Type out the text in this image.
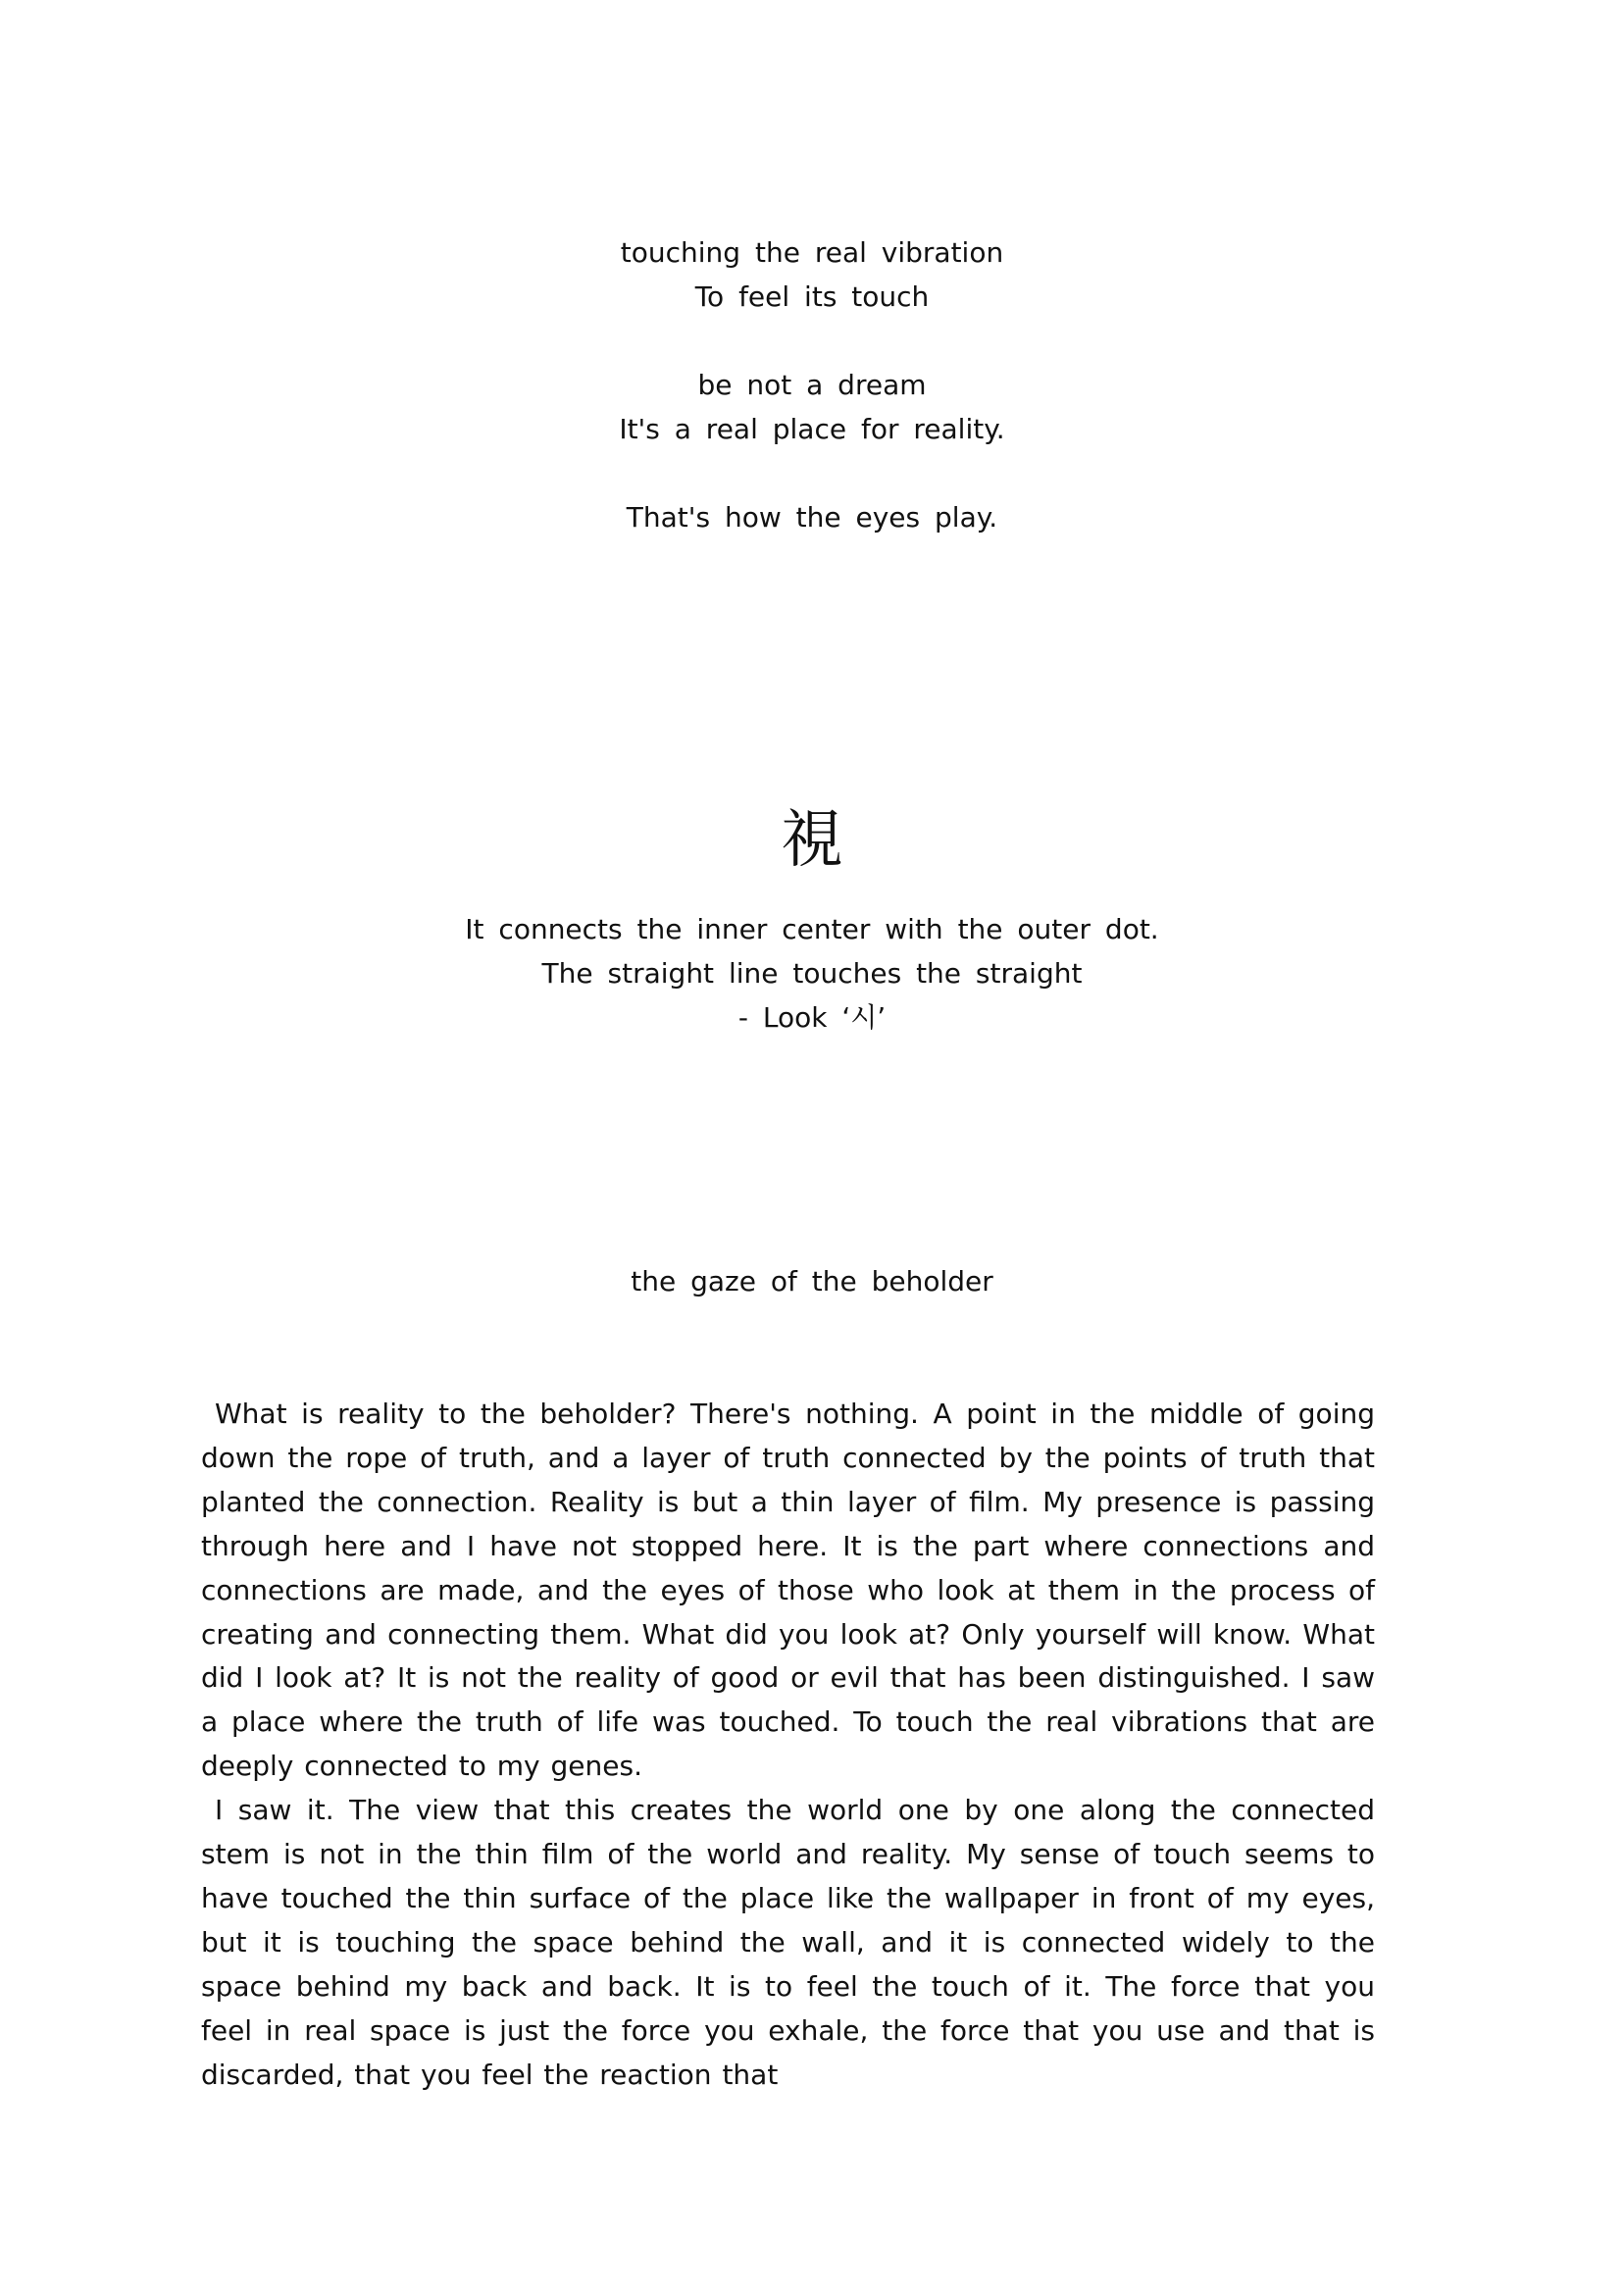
touching the real vibration
To feel its touch
be not a dream
It's a real place for reality.
That's how the eyes play.
視
It connects the inner center with the outer dot.
The straight line touches the straight
- Look ‘시’
the gaze of the beholder

What is reality to the beholder? There's nothing. A point in the middle of going down the rope of truth, and a layer of truth connected by the points of truth that planted the connection. Reality is but a thin layer of film. My presence is passing through here and I have not stopped here. It is the part where connections and connections are made, and the eyes of those who look at them in the process of creating and connecting them. What did you look at? Only yourself will know. What did I look at? It is not the reality of good or evil that has been distinguished. I saw a place where the truth of life was touched. To touch the real vibrations that are deeply connected to my genes.

I saw it. The view that this creates the world one by one along the connected stem is not in the thin film of the world and reality. My sense of touch seems to have touched the thin surface of the place like the wallpaper in front of my eyes, but it is touching the space behind the wall, and it is connected widely to the space behind my back and back. It is to feel the touch of it. The force that you feel in real space is just the force you exhale, the force that you use and that is discarded, that you feel the reaction that
